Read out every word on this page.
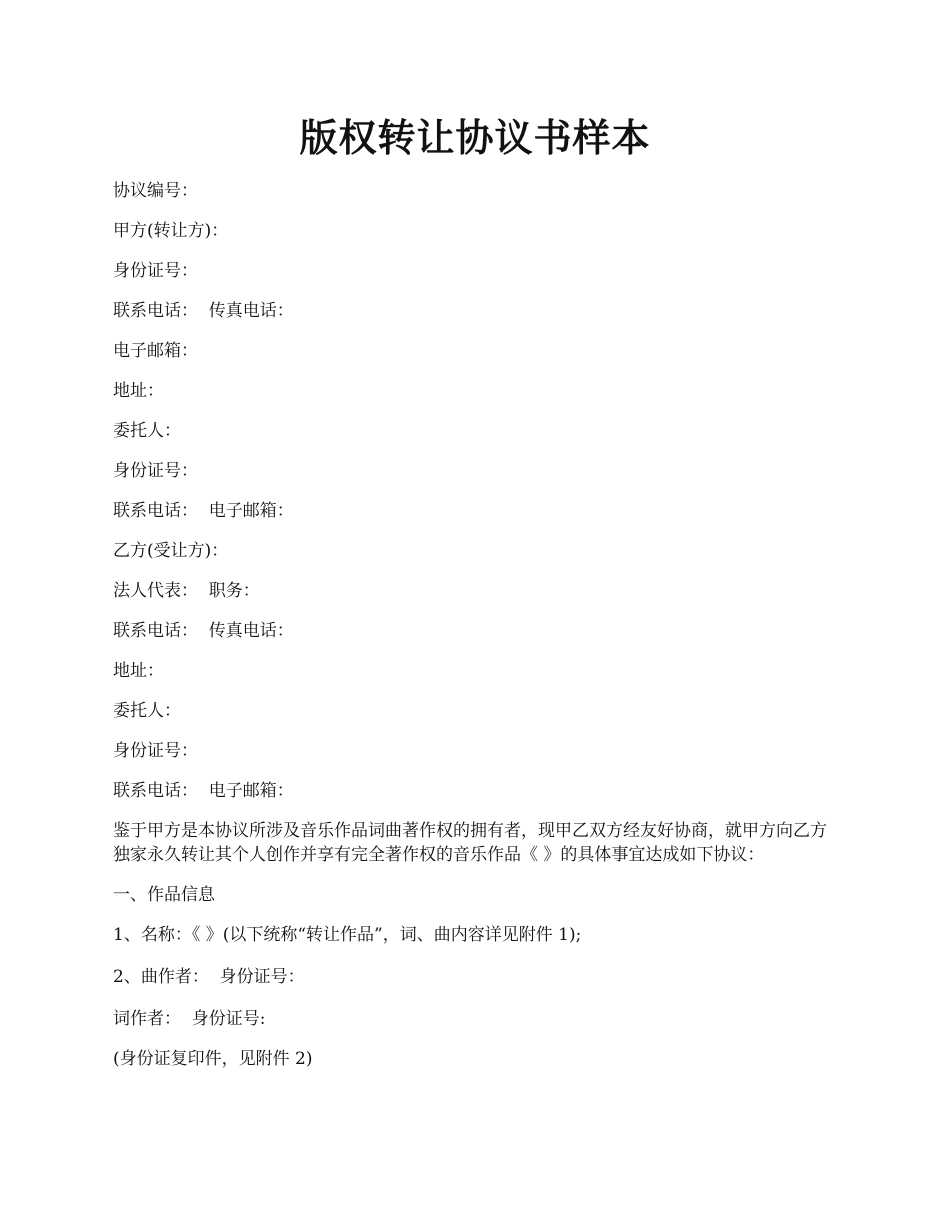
版权转让协议书样本
协议编号：
甲方(转让方)：
身份证号：
联系电话：  传真电话：
电子邮箱：
地址：
委托人：
身份证号：
联系电话：  电子邮箱：
乙方(受让方)：
法人代表：  职务：
联系电话：  传真电话：
地址：
委托人：
身份证号：
联系电话：  电子邮箱：
鉴于甲方是本协议所涉及音乐作品词曲著作权的拥有者，现甲乙双方经友好协商，就甲方向乙方独家永久转让其个人创作并享有完全著作权的音乐作品《 》的具体事宜达成如下协议：
一、作品信息
1、名称：《 》(以下统称“转让作品”，词、曲内容详见附件 1);
2、曲作者：  身份证号：
词作者：  身份证号:
(身份证复印件，见附件 2)
